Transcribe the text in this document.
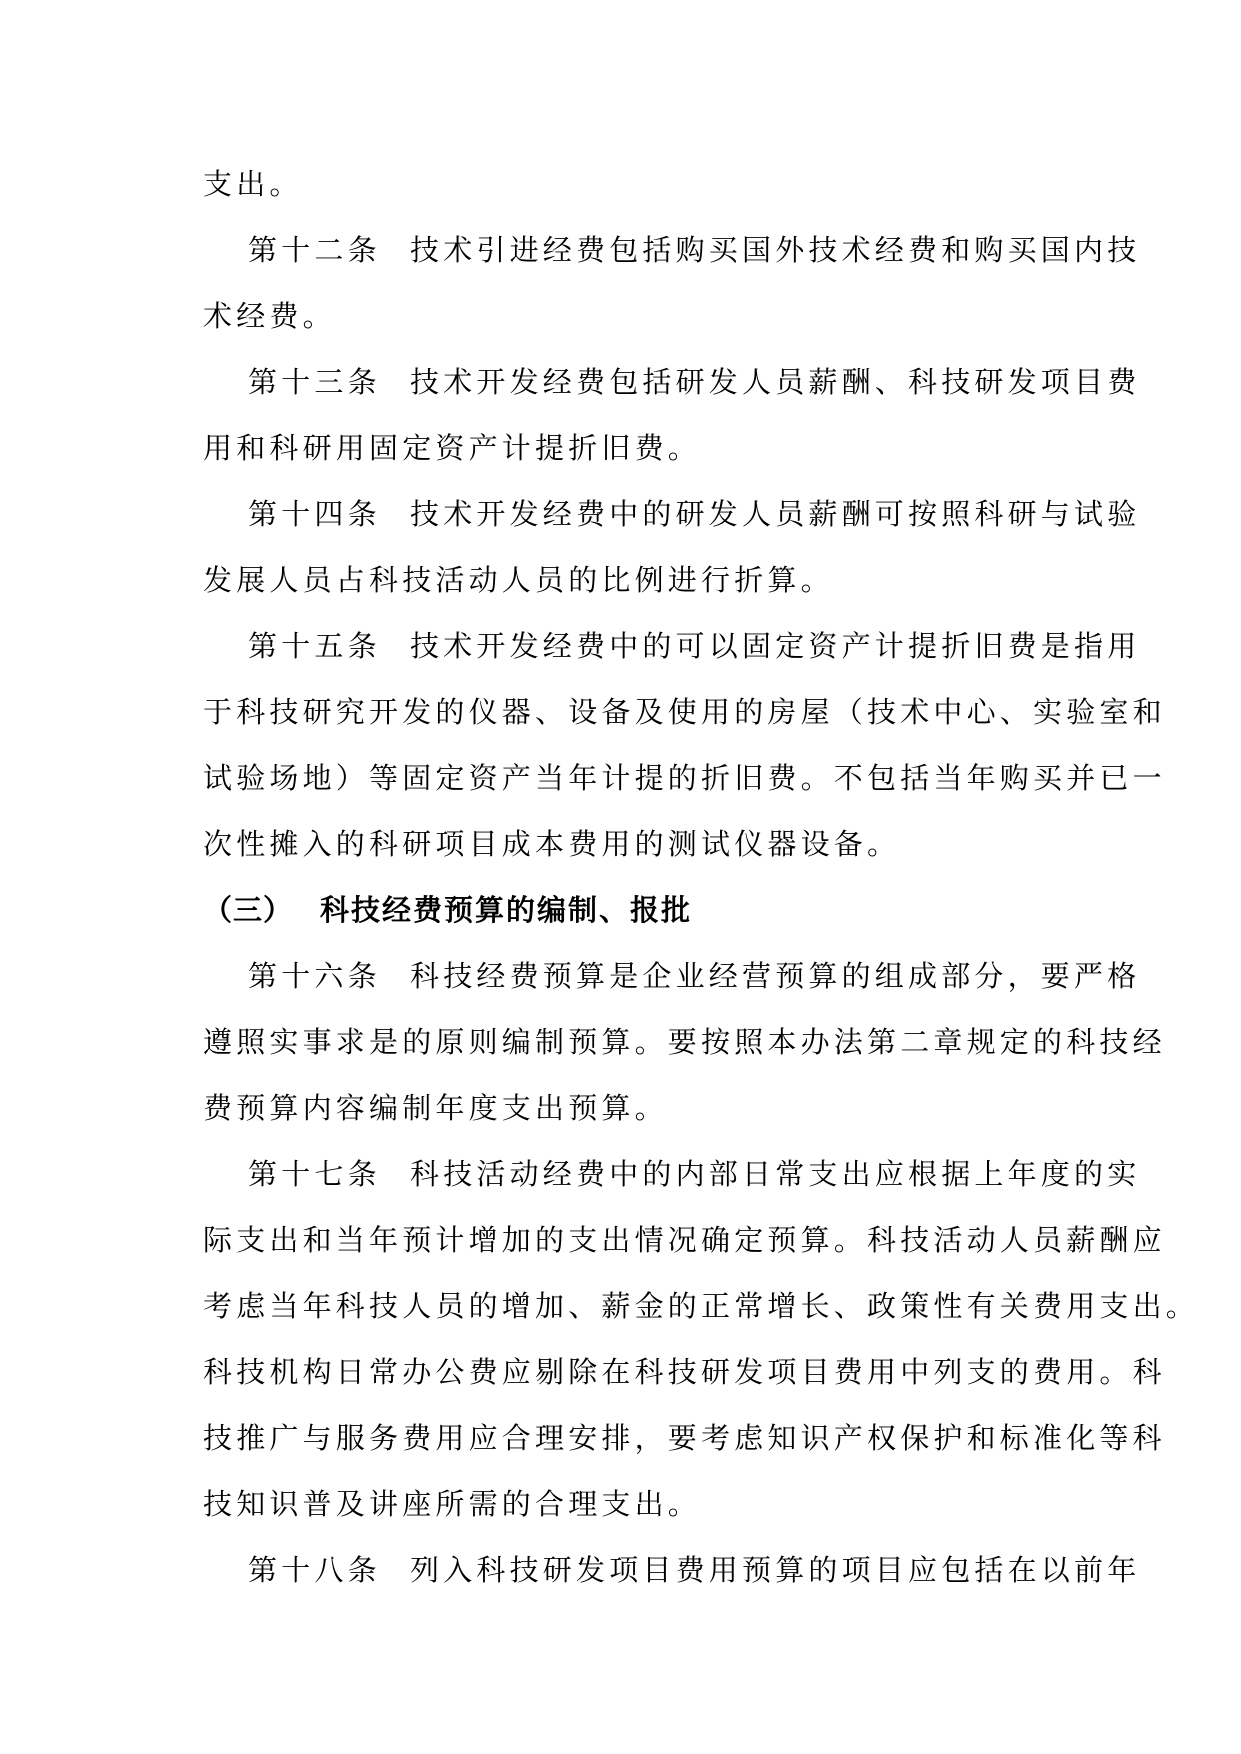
支出。
第十二条 技术引进经费包括购买国外技术经费和购买国内技
术经费。
第十三条 技术开发经费包括研发人员薪酬、科技研发项目费
用和科研用固定资产计提折旧费。
第十四条 技术开发经费中的研发人员薪酬可按照科研与试验
发展人员占科技活动人员的比例进行折算。
第十五条 技术开发经费中的可以固定资产计提折旧费是指用
于科技研究开发的仪器、设备及使用的房屋（技术中心、实验室和
试验场地）等固定资产当年计提的折旧费。不包括当年购买并已一
次性摊入的科研项目成本费用的测试仪器设备。
（三） 科技经费预算的编制、报批
第十六条 科技经费预算是企业经营预算的组成部分，要严格
遵照实事求是的原则编制预算。要按照本办法第二章规定的科技经
费预算内容编制年度支出预算。
第十七条 科技活动经费中的内部日常支出应根据上年度的实
际支出和当年预计增加的支出情况确定预算。科技活动人员薪酬应
考虑当年科技人员的增加、薪金的正常增长、政策性有关费用支出。
科技机构日常办公费应剔除在科技研发项目费用中列支的费用。科
技推广与服务费用应合理安排，要考虑知识产权保护和标准化等科
技知识普及讲座所需的合理支出。
第十八条 列入科技研发项目费用预算的项目应包括在以前年
